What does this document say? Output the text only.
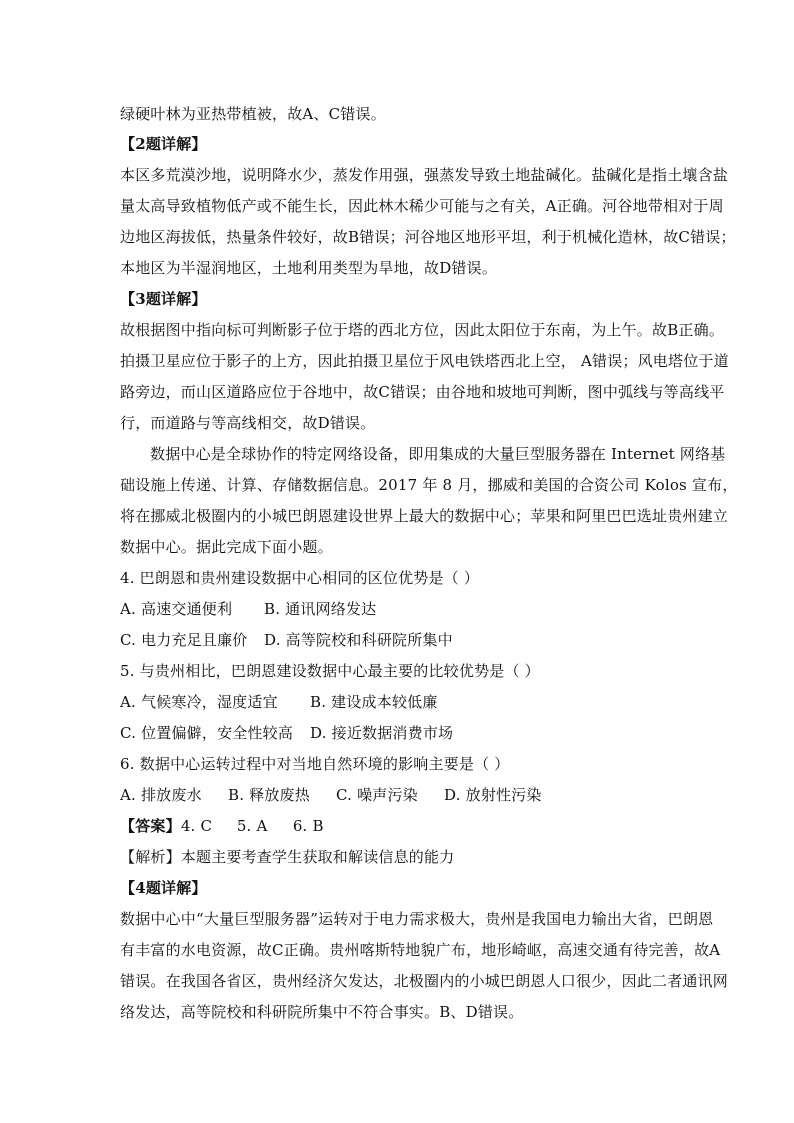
绿硬叶林为亚热带植被，故A、C错误。
【2题详解】
本区多荒漠沙地，说明降水少，蒸发作用强，强蒸发导致土地盐碱化。盐碱化是指土壤含盐
量太高导致植物低产或不能生长，因此林木稀少可能与之有关，A正确。河谷地带相对于周
边地区海拔低，热量条件较好，故B错误；河谷地区地形平坦，利于机械化造林，故C错误；
本地区为半湿润地区，土地利用类型为旱地，故D错误。
【3题详解】
故根据图中指向标可判断影子位于塔的西北方位，因此太阳位于东南，为上午。故B正确。
拍摄卫星应位于影子的上方，因此拍摄卫星位于风电铁塔西北上空， A错误；风电塔位于道
路旁边，而山区道路应位于谷地中，故C错误；由谷地和坡地可判断，图中弧线与等高线平
行，而道路与等高线相交，故D错误。
数据中心是全球协作的特定网络设备，即用集成的大量巨型服务器在 Internet 网络基
础设施上传递、计算、存储数据信息。2017 年 8 月，挪威和美国的合资公司 Kolos 宣布，
将在挪威北极圈内的小城巴朗恩建设世界上最大的数据中心；苹果和阿里巴巴选址贵州建立
数据中心。据此完成下面小题。
4. 巴朗恩和贵州建设数据中心相同的区位优势是（ ）
A. 高速交通便利 B. 通讯网络发达
C. 电力充足且廉价 D. 高等院校和科研院所集中
5. 与贵州相比，巴朗恩建设数据中心最主要的比较优势是（ ）
A. 气候寒冷，湿度适宜 B. 建设成本较低廉
C. 位置偏僻，安全性较高 D. 接近数据消费市场
6. 数据中心运转过程中对当地自然环境的影响主要是（ ）
A. 排放废水 B. 释放废热 C. 噪声污染 D. 放射性污染
【答案】4. C 5. A 6. B
【解析】本题主要考查学生获取和解读信息的能力
【4题详解】
数据中心中“大量巨型服务器”运转对于电力需求极大，贵州是我国电力输出大省，巴朗恩
有丰富的水电资源，故C正确。贵州喀斯特地貌广布，地形崎岖，高速交通有待完善，故A
错误。在我国各省区，贵州经济欠发达，北极圈内的小城巴朗恩人口很少，因此二者通讯网
络发达，高等院校和科研院所集中不符合事实。B、D错误。
